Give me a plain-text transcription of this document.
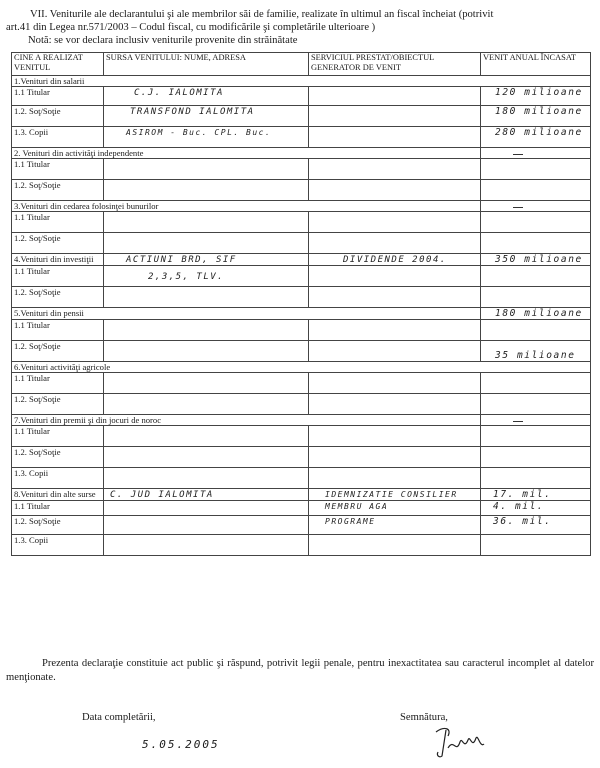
VII. Veniturile ale declarantului şi ale membrilor săi de familie, realizate în ultimul an fiscal încheiat (potrivit

art.41 din Legea nr.571/2003 – Codul fiscal, cu modificările şi completările ulterioare )

Notă: se vor declara inclusiv veniturile provenite din străinătate

CINE A REALIZAT VENITUL	SURSA VENITULUI: NUME, ADRESA	SERVICIUL PRESTAT/OBIECTUL GENERATOR DE VENIT	VENIT ANUAL ÎNCASAT
1.Venituri din salarii			
1.1 Titular	C.J. IALOMITA		120 milioane
1.2. Soţ/Soţie	TRANSFOND IALOMITA		180 milioane
1.3. Copii	ASIROM - Buc. CPL. Buc.		280 milioane
2. Venituri din activităţi independente			
1.1 Titular			
1.2. Soţ/Soţie			
3.Venituri din cedarea folosinţei bunurilor			
1.1 Titular			
1.2. Soţ/Soţie			
4.Venituri din investiţii	ACTIUNI BRD, SIF	DIVIDENDE 2004.	350 milioane
1.1 Titular	2,3,5, TLV.		
1.2. Soţ/Soţie			
5.Venituri din pensii			180 milioane
1.1 Titular			
1.2. Soţ/Soţie			35 milioane
6.Venituri activităţi agricole			
1.1 Titular			
1.2. Soţ/Soţie			
7.Venituri din premii şi din jocuri de noroc			
1.1 Titular			
1.2. Soţ/Soţie			
1.3. Copii			
8.Venituri din alte surse	C. JUD IALOMITA	IDEMNIZATIE CONSILIER	17. mil.
1.1 Titular		MEMBRU AGA	4. mil.
1.2. Soţ/Soţie		PROGRAME	36. mil.
1.3. Copii			

Prezenta declaraţie constituie act public şi răspund, potrivit legii penale, pentru inexactitatea sau caracterul incomplet al datelor menţionate.

Data completării,
5.05.2005
Semnătura,
